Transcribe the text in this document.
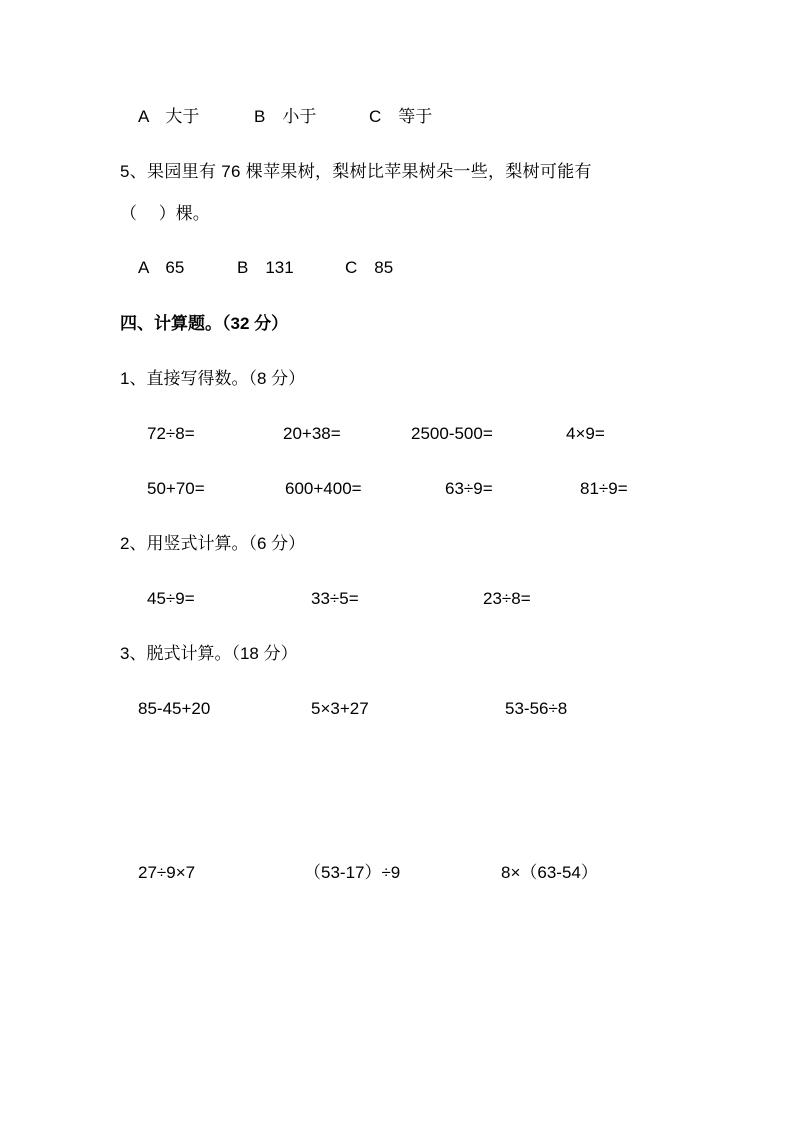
A　大于	B　小于	C　等于
5、果园里有 76 棵苹果树，梨树比苹果树朵一些，梨树可能有
（　 ）棵。
A　65	B　131	C　85
四、计算题。（32 分）
1、直接写得数。（8 分）
72÷8=	20+38=	2500-500=	4×9=
50+70=	600+400=	63÷9=	81÷9=
2、用竖式计算。（6 分）
45÷9=	33÷5=	23÷8=
3、脱式计算。（18 分）
85-45+20	5×3+27	53-56÷8
27÷9×7	（53-17）÷9	8×（63-54）
